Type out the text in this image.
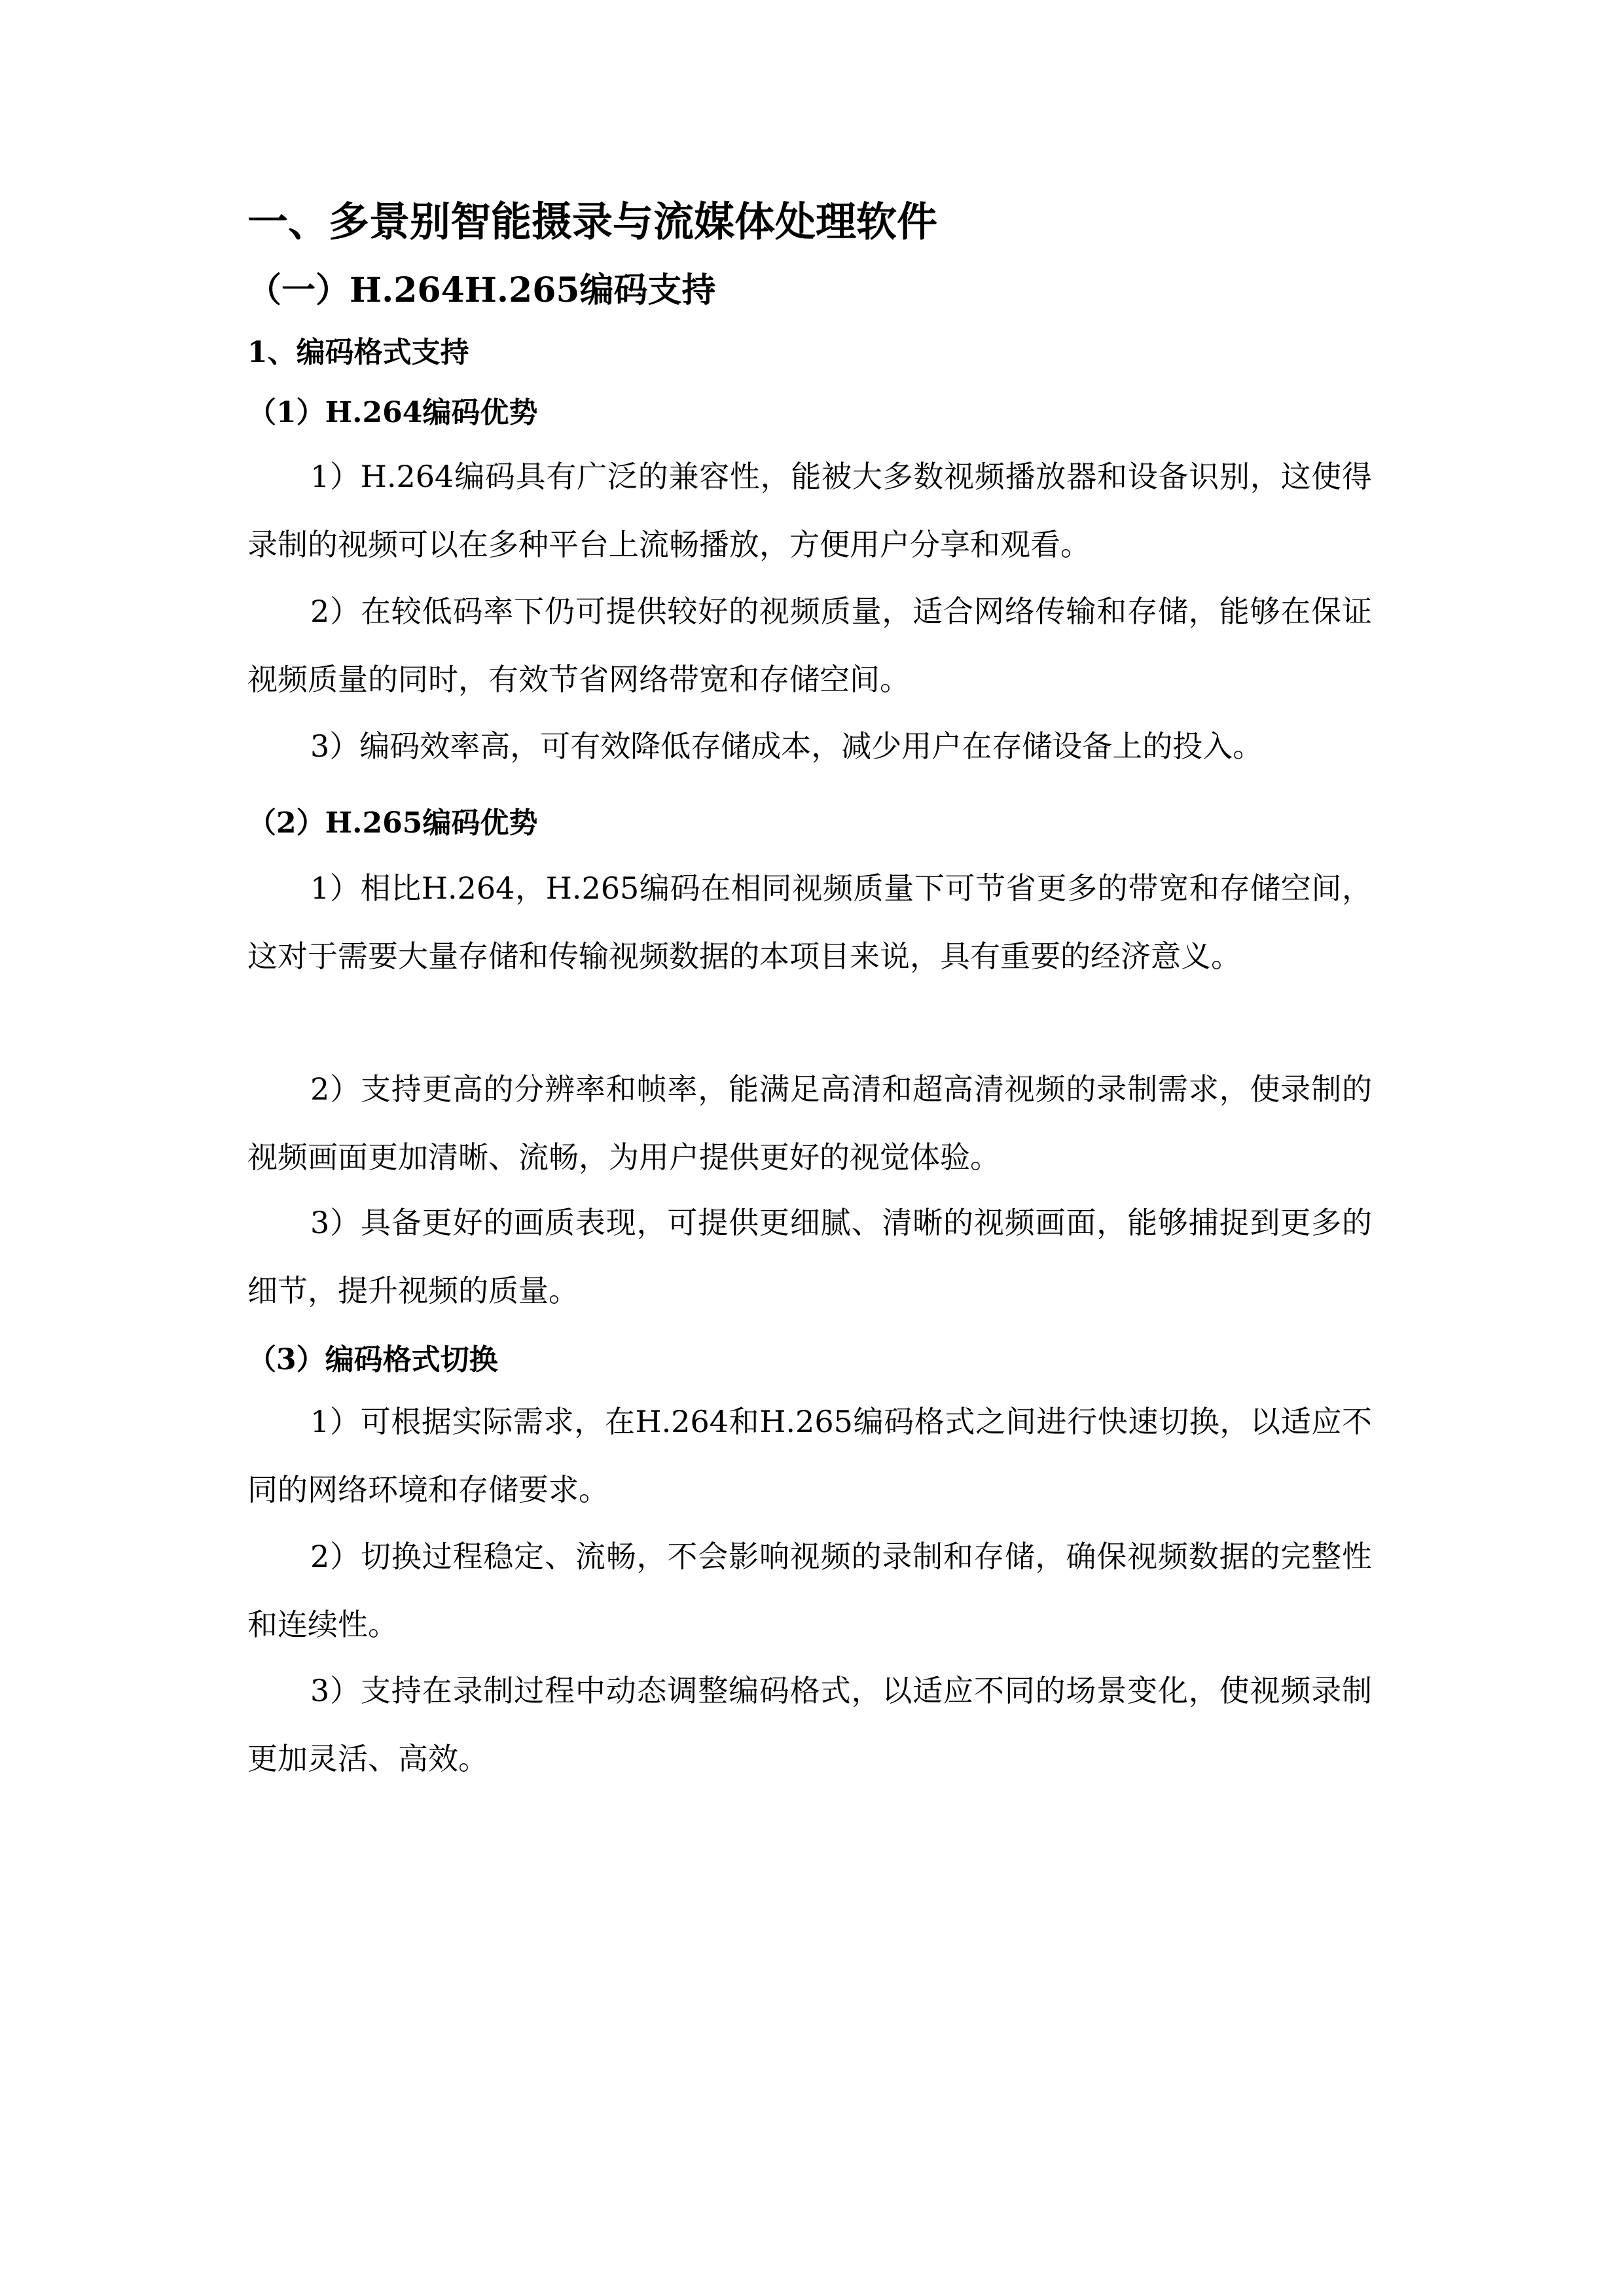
一、多景别智能摄录与流媒体处理软件
（一）H.264H.265编码支持
1、编码格式支持
（1）H.264编码优势

1）H.264编码具有广泛的兼容性，能被大多数视频播放器和设备识别，这使得录制的视频可以在多种平台上流畅播放，方便用户分享和观看。

2）在较低码率下仍可提供较好的视频质量，适合网络传输和存储，能够在保证视频质量的同时，有效节省网络带宽和存储空间。

3）编码效率高，可有效降低存储成本，减少用户在存储设备上的投入。

（2）H.265编码优势

1）相比H.264，H.265编码在相同视频质量下可节省更多的带宽和存储空间，这对于需要大量存储和传输视频数据的本项目来说，具有重要的经济意义。

2）支持更高的分辨率和帧率，能满足高清和超高清视频的录制需求，使录制的视频画面更加清晰、流畅，为用户提供更好的视觉体验。

3）具备更好的画质表现，可提供更细腻、清晰的视频画面，能够捕捉到更多的细节，提升视频的质量。

（3）编码格式切换

1）可根据实际需求，在H.264和H.265编码格式之间进行快速切换，以适应不同的网络环境和存储要求。

2）切换过程稳定、流畅，不会影响视频的录制和存储，确保视频数据的完整性和连续性。

3）支持在录制过程中动态调整编码格式，以适应不同的场景变化，使视频录制更加灵活、高效。
